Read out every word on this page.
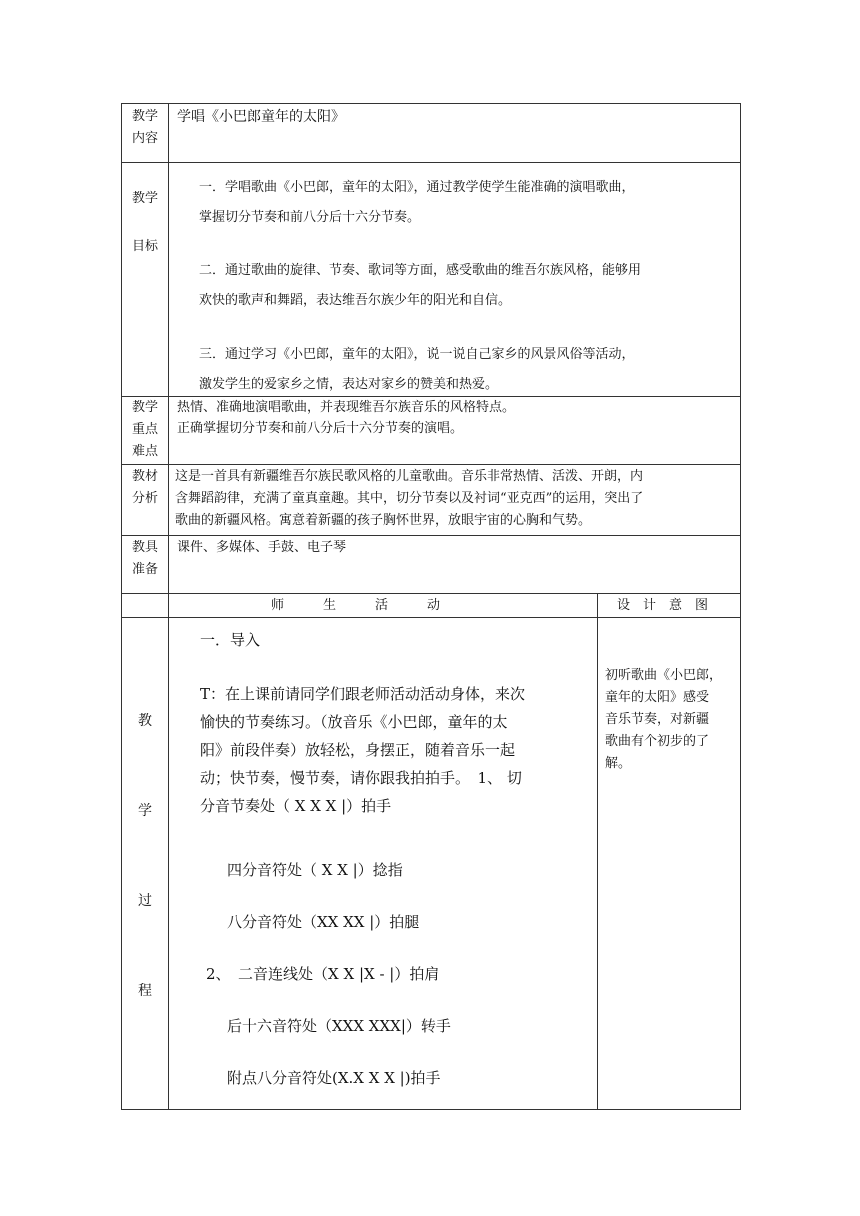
教学
内容
学唱《小巴郎童年的太阳》
教学
目标
一．学唱歌曲《小巴郎，童年的太阳》，通过教学使学生能准确的演唱歌曲，
掌握切分节奏和前八分后十六分节奏。
二．通过歌曲的旋律、节奏、歌词等方面，感受歌曲的维吾尔族风格，能够用
欢快的歌声和舞蹈，表达维吾尔族少年的阳光和自信。
三．通过学习《小巴郎，童年的太阳》，说一说自己家乡的风景风俗等活动，
激发学生的爱家乡之情，表达对家乡的赞美和热爱。
教学
重点
难点
热情、准确地演唱歌曲，并表现维吾尔族音乐的风格特点。
正确掌握切分节奏和前八分后十六分节奏的演唱。
教材
分析
这是一首具有新疆维吾尔族民歌风格的儿童歌曲。音乐非常热情、活泼、开朗，内
含舞蹈韵律，充满了童真童趣。其中，切分节奏以及衬词“亚克西”的运用，突出了
歌曲的新疆风格。寓意着新疆的孩子胸怀世界，放眼宇宙的心胸和气势。
教具
准备
课件、多媒体、手鼓、电子琴
师　　　生　　　活　　　动	设　计　意　图
教
学
过
程
一．导入
T：在上课前请同学们跟老师活动活动身体，来次
愉快的节奏练习。（放音乐《小巴郎，童年的太
阳》前段伴奏）放轻松，身摆正，随着音乐一起
动；快节奏，慢节奏，请你跟我拍拍手。　1、 切
分音节奏处（ X X X |）拍手
四分音符处（ X X |）捻指
八分音符处（XX XX |）拍腿
2、　二音连线处（X X |X - |）拍肩
后十六音符处（XXX XXX|）转手
附点八分音符处(X.X X X |)拍手
初听歌曲《小巴郎，
童年的太阳》感受
音乐节奏，对新疆
歌曲有个初步的了
解。
